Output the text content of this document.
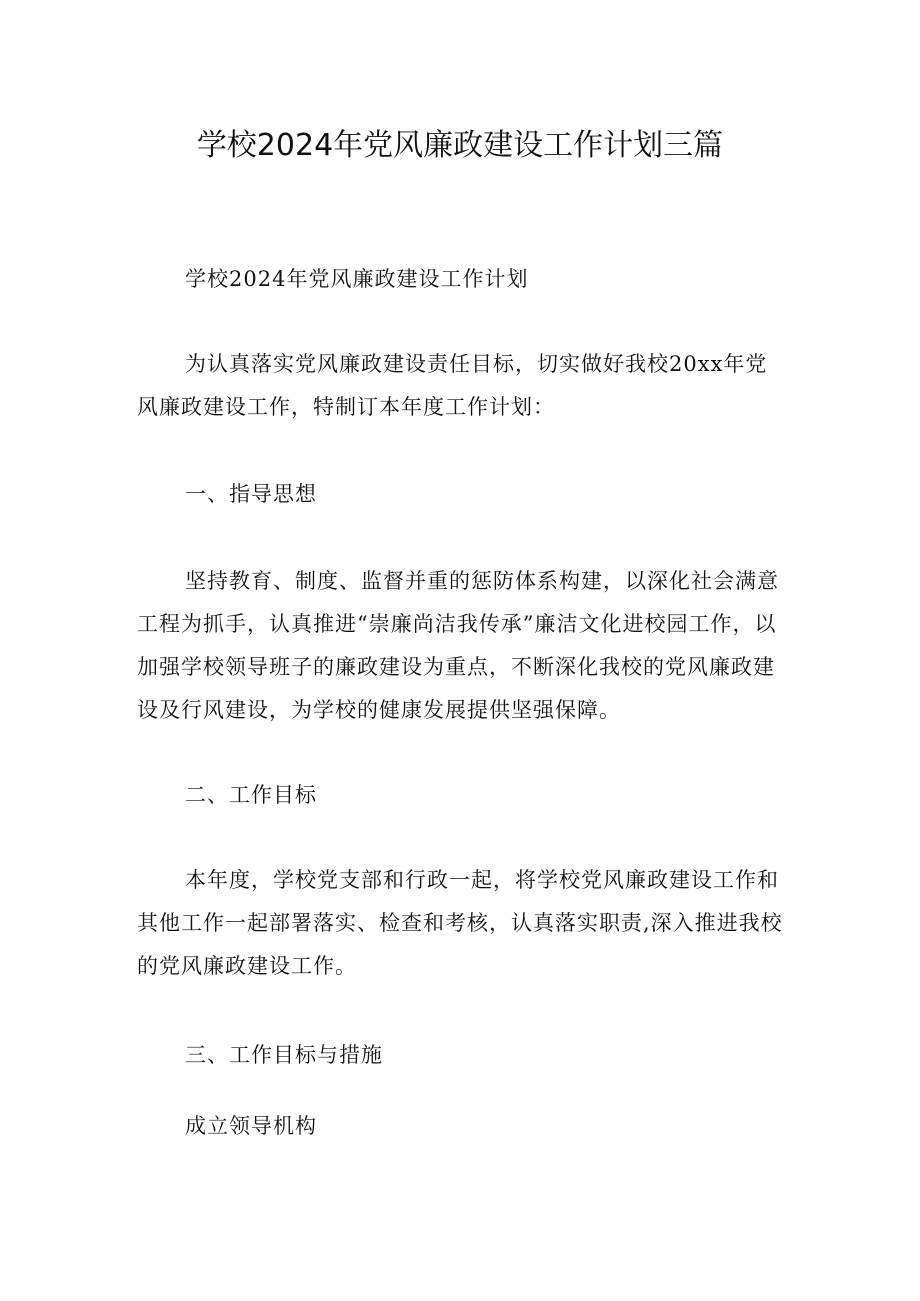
学校2024年党风廉政建设工作计划三篇

学校2024年党风廉政建设工作计划

为认真落实党风廉政建设责任目标，切实做好我校20xx年党风廉政建设工作，特制订本年度工作计划：

一、指导思想

坚持教育、制度、监督并重的惩防体系构建，以深化社会满意工程为抓手，认真推进“崇廉尚洁我传承”廉洁文化进校园工作，以加强学校领导班子的廉政建设为重点，不断深化我校的党风廉政建设及行风建设，为学校的健康发展提供坚强保障。

二、工作目标

本年度，学校党支部和行政一起，将学校党风廉政建设工作和其他工作一起部署落实、检查和考核，认真落实职责,深入推进我校的党风廉政建设工作。

三、工作目标与措施

成立领导机构
